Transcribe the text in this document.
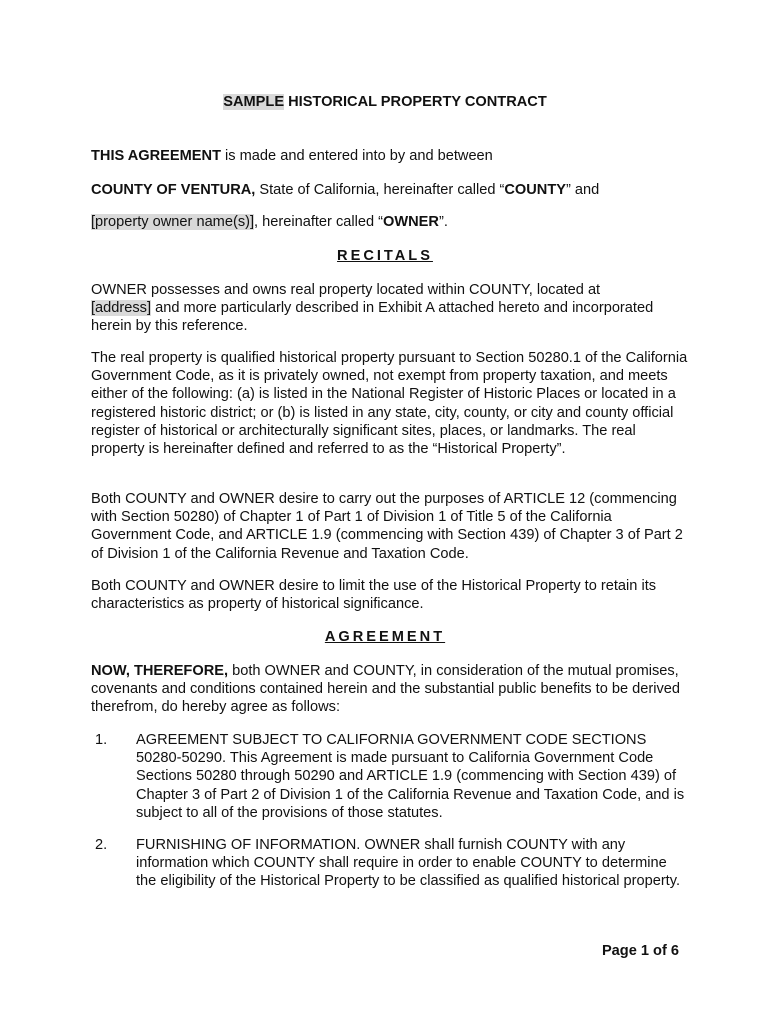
SAMPLE HISTORICAL PROPERTY CONTRACT
THIS AGREEMENT is made and entered into by and between
COUNTY OF VENTURA, State of California, hereinafter called “COUNTY” and
[property owner name(s)], hereinafter called “OWNER”.
RECITALS

OWNER possesses and owns real property located within COUNTY, located at
[address] and more particularly described in Exhibit A attached hereto and incorporated herein by this reference.

The real property is qualified historical property pursuant to Section 50280.1 of the California Government Code, as it is privately owned, not exempt from property taxation, and meets either of the following: (a) is listed in the National Register of Historic Places or located in a registered historic district; or (b) is listed in any state, city, county, or city and county official register of historical or architecturally significant sites, places, or landmarks. The real property is hereinafter defined and referred to as the “Historical Property”.

Both COUNTY and OWNER desire to carry out the purposes of ARTICLE 12 (commencing with Section 50280) of Chapter 1 of Part 1 of Division 1 of Title 5 of the California Government Code, and ARTICLE 1.9 (commencing with Section 439) of Chapter 3 of Part 2 of Division 1 of the California Revenue and Taxation Code.

Both COUNTY and OWNER desire to limit the use of the Historical Property to retain its characteristics as property of historical significance.

AGREEMENT

NOW, THEREFORE, both OWNER and COUNTY, in consideration of the mutual promises, covenants and conditions contained herein and the substantial public benefits to be derived therefrom, do hereby agree as follows:

1. AGREEMENT SUBJECT TO CALIFORNIA GOVERNMENT CODE SECTIONS 50280-50290. This Agreement is made pursuant to California Government Code Sections 50280 through 50290 and ARTICLE 1.9 (commencing with Section 439) of Chapter 3 of Part 2 of Division 1 of the California Revenue and Taxation Code, and is subject to all of the provisions of those statutes.
2. FURNISHING OF INFORMATION. OWNER shall furnish COUNTY with any information which COUNTY shall require in order to enable COUNTY to determine the eligibility of the Historical Property to be classified as qualified historical property.
Page 1 of 6
